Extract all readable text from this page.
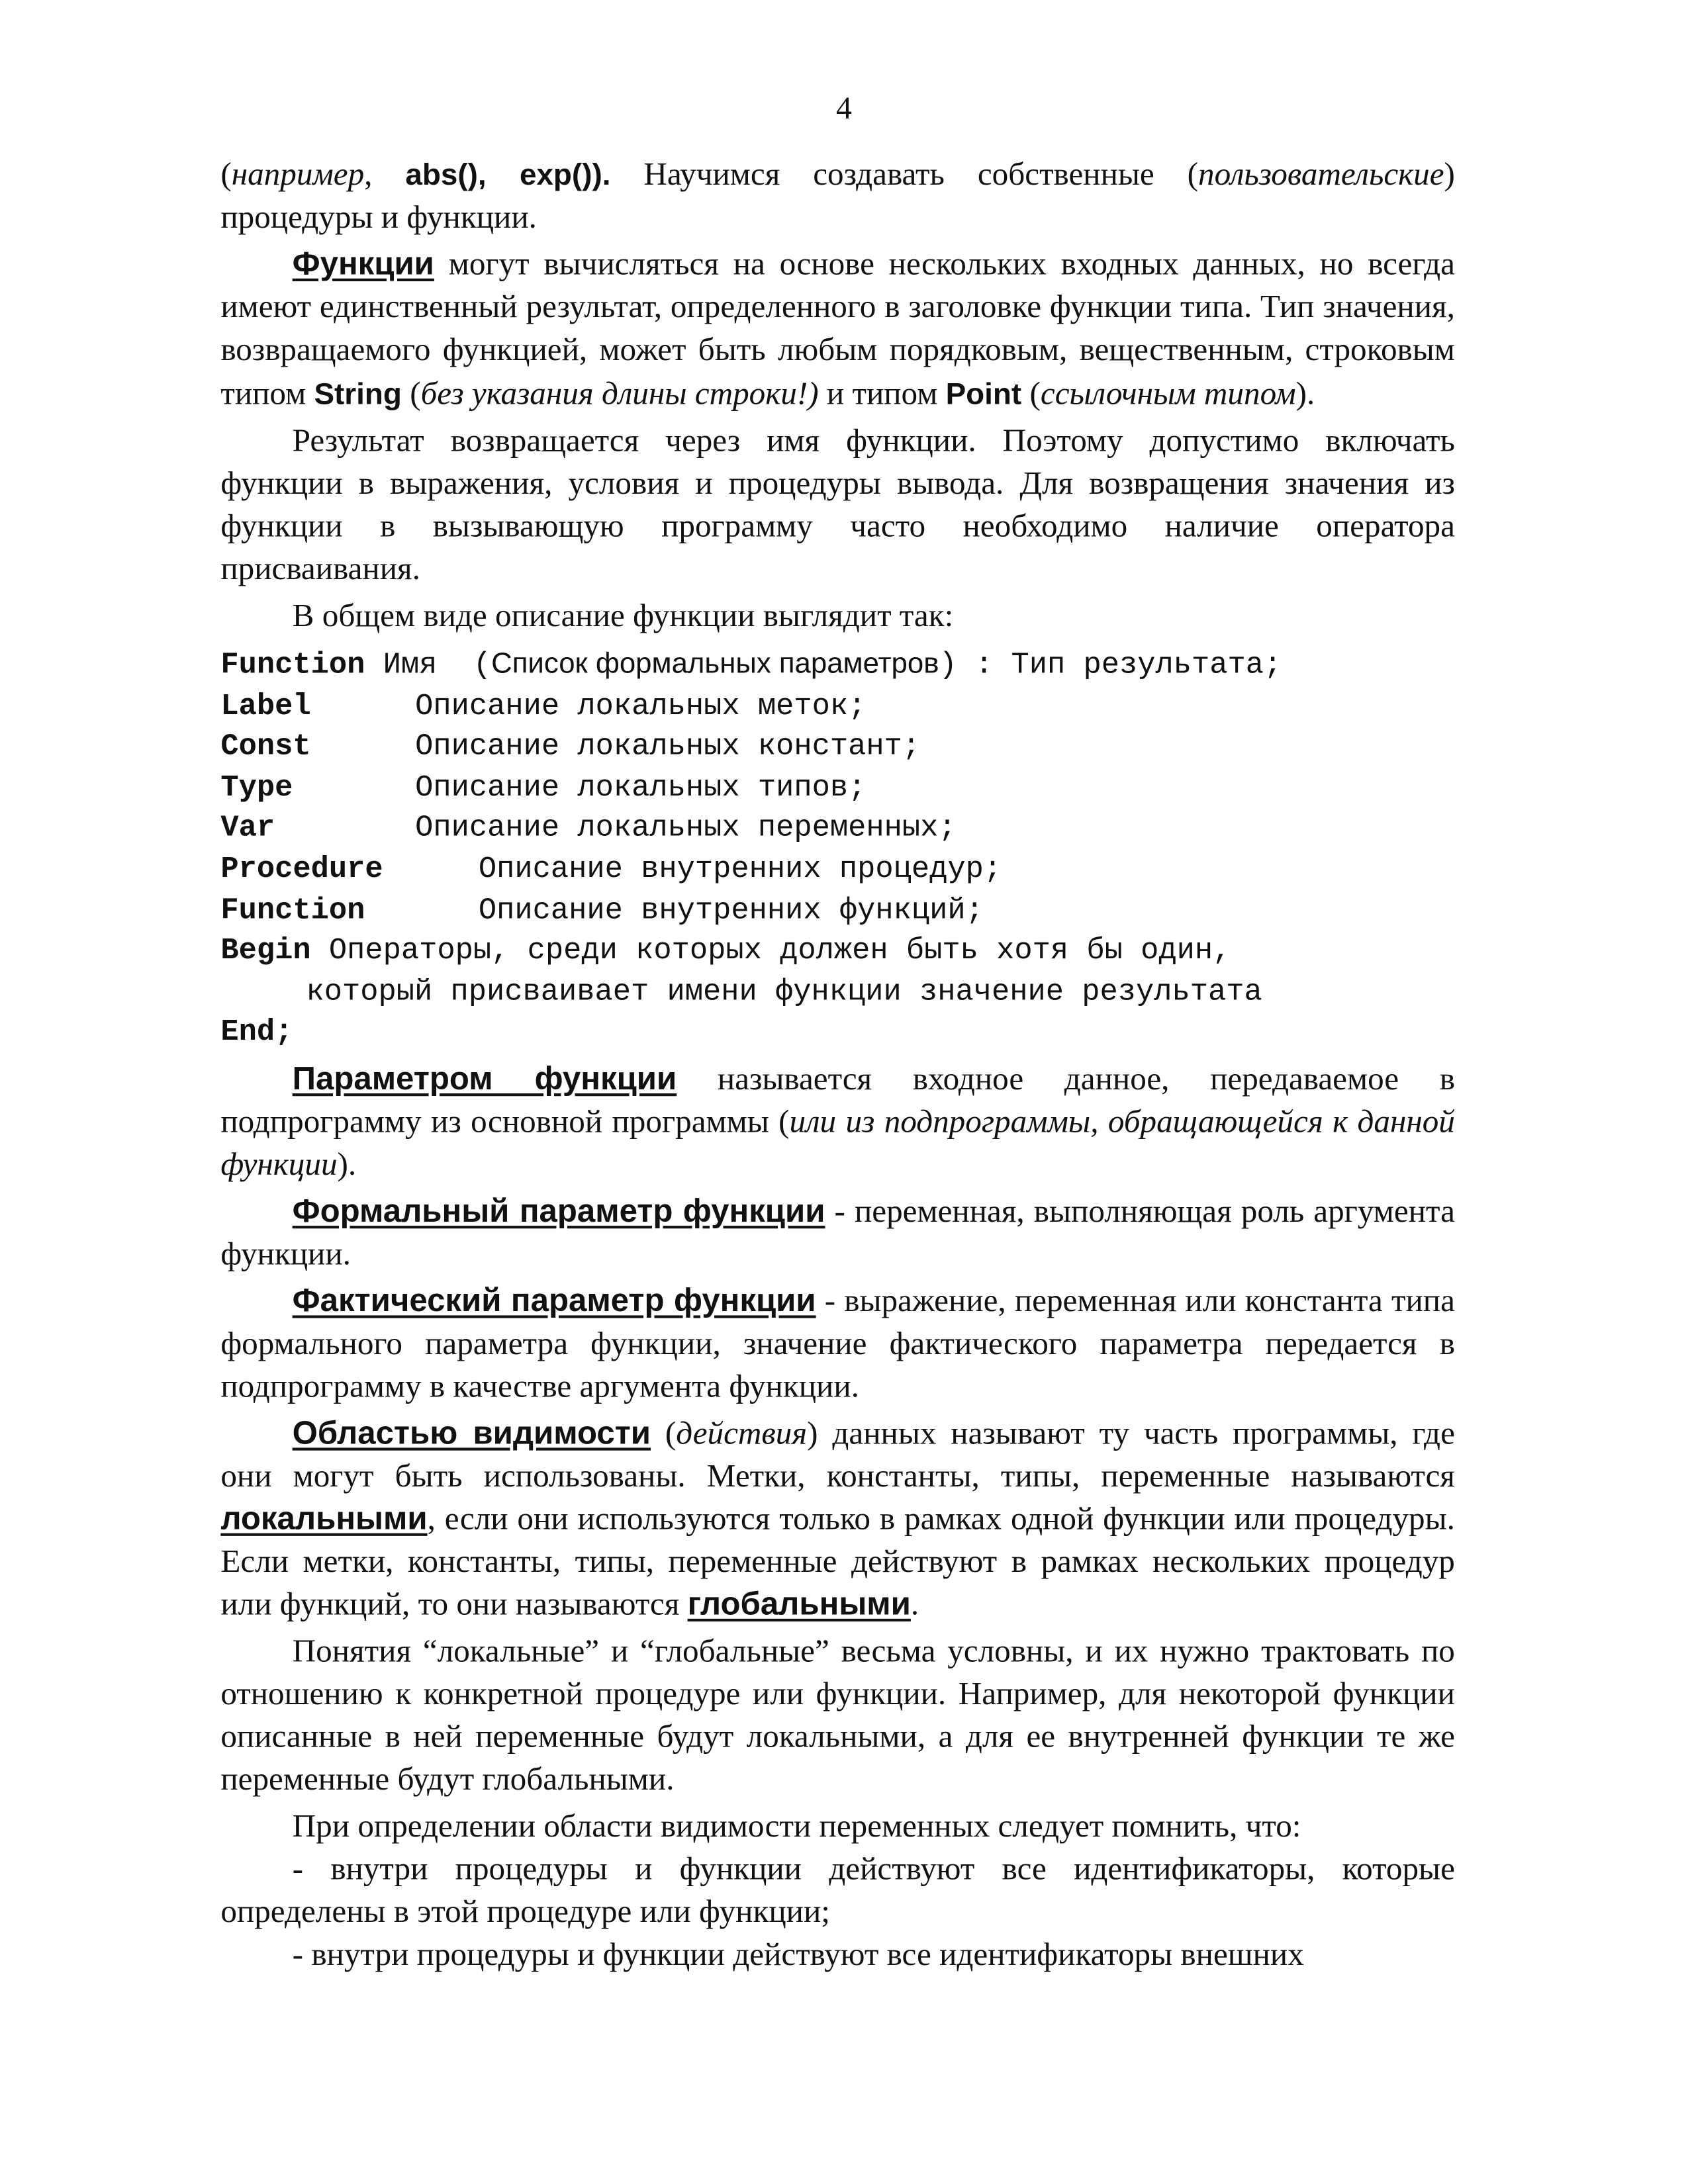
4

(например, abs(), exp()). Научимся создавать собственные (пользовательские)
процедуры и функции.

Функции могут вычисляться на основе нескольких входных данных, но всегда имеют единственный результат, определенного в заголовке функции типа. Тип значения, возвращаемого функцией, может быть любым порядковым, вещественным, строковым типом String (без указания длины строки!) и типом Point (ссылочным типом).

Результат возвращается через имя функции. Поэтому допустимо включать функции в выражения, условия и процедуры вывода. Для возвращения значения из функции в вызывающую программу часто необходимо наличие оператора присваивания.

В общем виде описание функции выглядит так:

Function Имя  (Список формальных параметров) : Тип результата;
Label	Описание локальных меток;
Const	Описание локальных констант;
Type	Описание локальных типов;
Var	Описание локальных переменных;
Procedure	Описание внутренних процедур;
Function	Описание внутренних функций;
Begin Операторы, среди которых должен быть хотя бы один,
который присваивает имени функции значение результата
End;

Параметром функции называется входное данное, передаваемое в подпрограмму из основной программы (или из подпрограммы, обращающейся к данной функции).

Формальный параметр функции - переменная, выполняющая роль аргумента функции.

Фактический параметр функции - выражение, переменная или константа типа формального параметра функции, значение фактического параметра передается в подпрограмму в качестве аргумента функции.

Областью видимости (действия) данных называют ту часть программы, где они могут быть использованы. Метки, константы, типы, переменные называются локальными, если они используются только в рамках одной функции или процедуры. Если метки, константы, типы, переменные действуют в рамках нескольких процедур или функций, то они называются глобальными.

Понятия “локальные” и “глобальные” весьма условны, и их нужно трактовать по отношению к конкретной процедуре или функции. Например, для некоторой функции описанные в ней переменные будут локальными, а для ее внутренней функции те же переменные будут глобальными.

При определении области видимости переменных следует помнить, что:

- внутри процедуры и функции действуют все идентификаторы, которые определены в этой процедуре или функции;

- внутри процедуры и функции действуют все идентификаторы внешних
